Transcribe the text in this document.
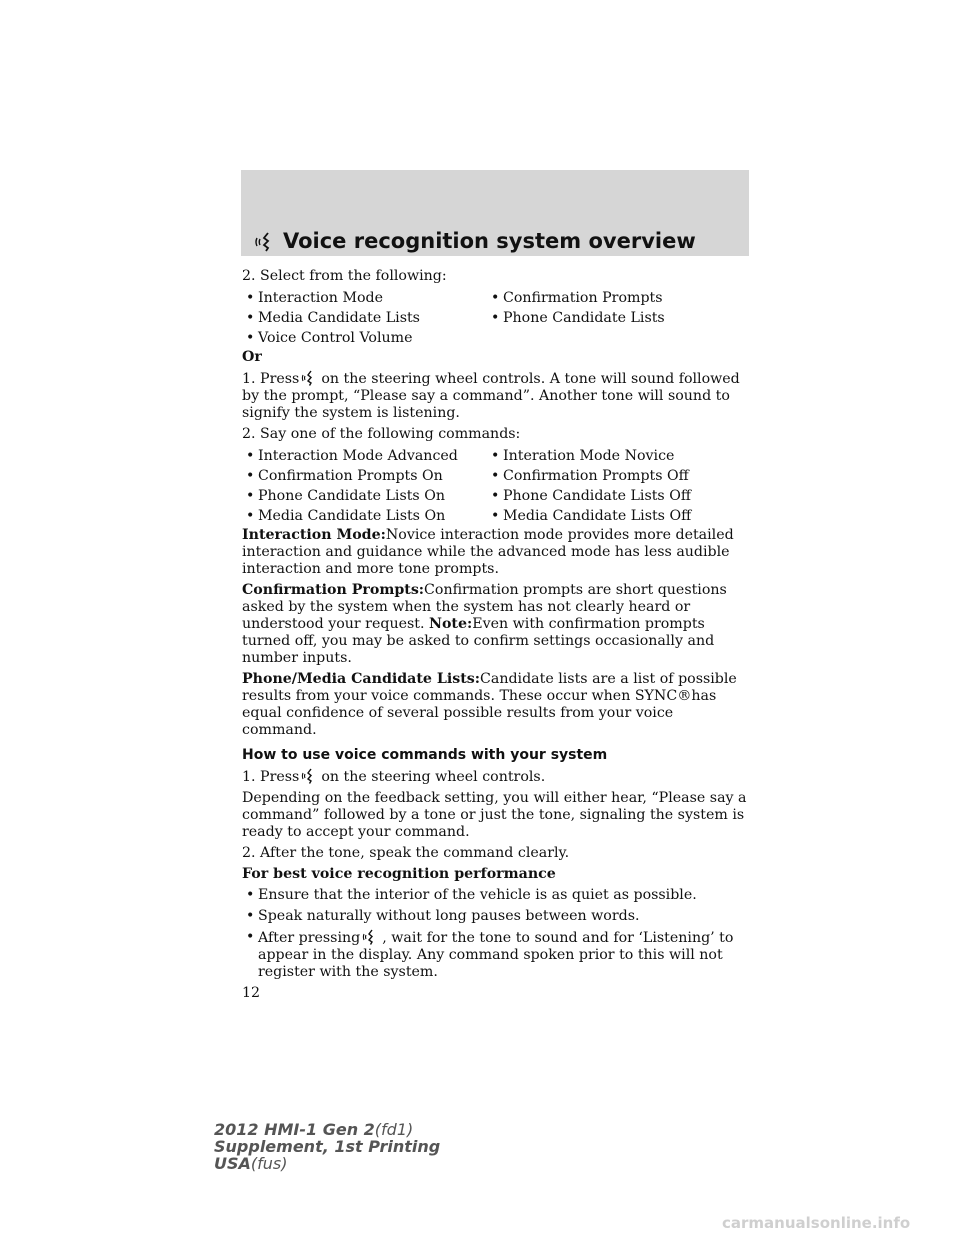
Voice recognition system overview

2. Select from the following:

• Interaction Mode	• Confirmation Prompts
• Media Candidate Lists	• Phone Candidate Lists
• Voice Control Volume

Or

1. Press on the steering wheel controls. A tone will sound followed by the prompt, “Please say a command”. Another tone will sound to signify the system is listening.

2. Say one of the following commands:

• Interaction Mode Advanced	• Interation Mode Novice
• Confirmation Prompts On	• Confirmation Prompts Off
• Phone Candidate Lists On	• Phone Candidate Lists Off
• Media Candidate Lists On	• Media Candidate Lists Off

Interaction Mode:Novice interaction mode provides more detailed interaction and guidance while the advanced mode has less audible interaction and more tone prompts.

Confirmation Prompts:Confirmation prompts are short questions asked by the system when the system has not clearly heard or understood your request. Note:Even with confirmation prompts turned off, you may be asked to confirm settings occasionally and number inputs.

Phone/Media Candidate Lists:Candidate lists are a list of possible results from your voice commands. These occur when SYNC®has equal confidence of several possible results from your voice command.

How to use voice commands with your system

1. Press on the steering wheel controls.

Depending on the feedback setting, you will either hear, “Please say a command” followed by a tone or just the tone, signaling the system is ready to accept your command.

2. After the tone, speak the command clearly.

For best voice recognition performance

• Ensure that the interior of the vehicle is as quiet as possible.
• Speak naturally without long pauses between words.
• After pressing , wait for the tone to sound and for ‘Listening’ to appear in the display. Any command spoken prior to this will not register with the system.

12

2012 HMI-1 Gen 2(fd1)
Supplement, 1st Printing
USA(fus)
carmanualsonline.info
